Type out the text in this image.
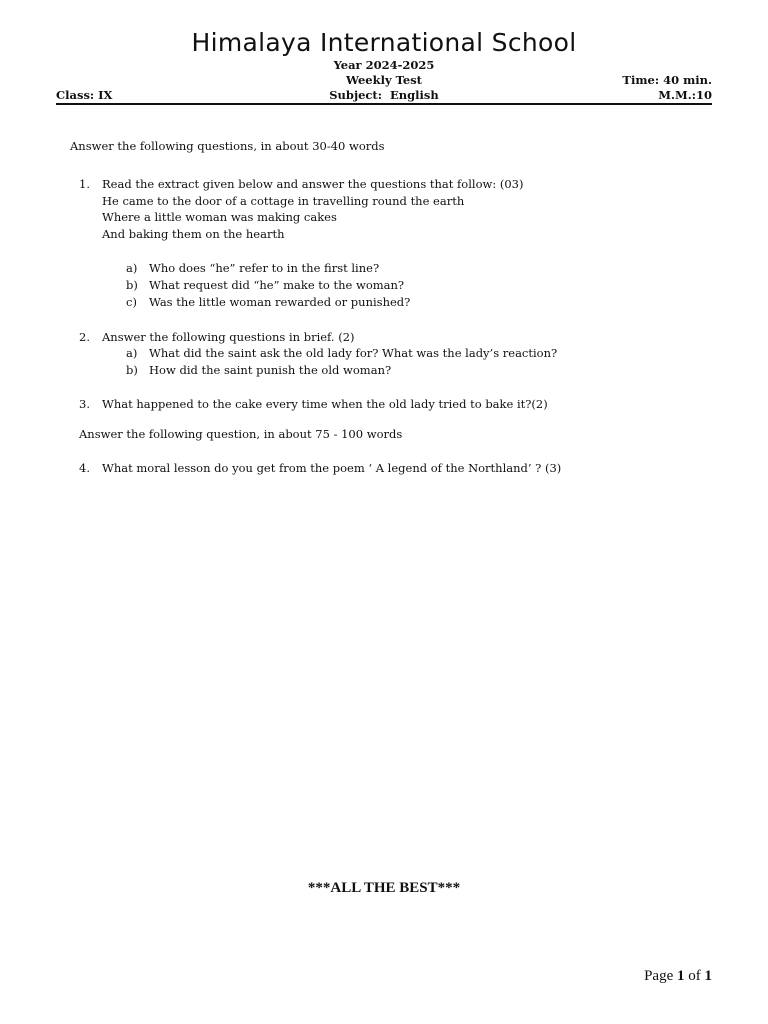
Himalaya International School
Year 2024-2025
Weekly Test	Time: 40 min.
Class: IX	Subject:  English	M.M.:10
Answer the following questions, in about 30-40 words
1. Read the extract given below and answer the questions that follow: (03)
He came to the door of a cottage in travelling round the earth
Where a little woman was making cakes
And baking them on the hearth
a) Who does “he” refer to in the first line?
b) What request did “he” make to the woman?
c) Was the little woman rewarded or punished?
2. Answer the following questions in brief. (2)
a) What did the saint ask the old lady for? What was the lady’s reaction?
b) How did the saint punish the old woman?
3. What happened to the cake every time when the old lady tried to bake it?(2)
Answer the following question, in about 75 - 100 words
4. What moral lesson do you get from the poem ‘ A legend of the Northland’ ? (3)
***ALL THE BEST***
Page 1 of 1
